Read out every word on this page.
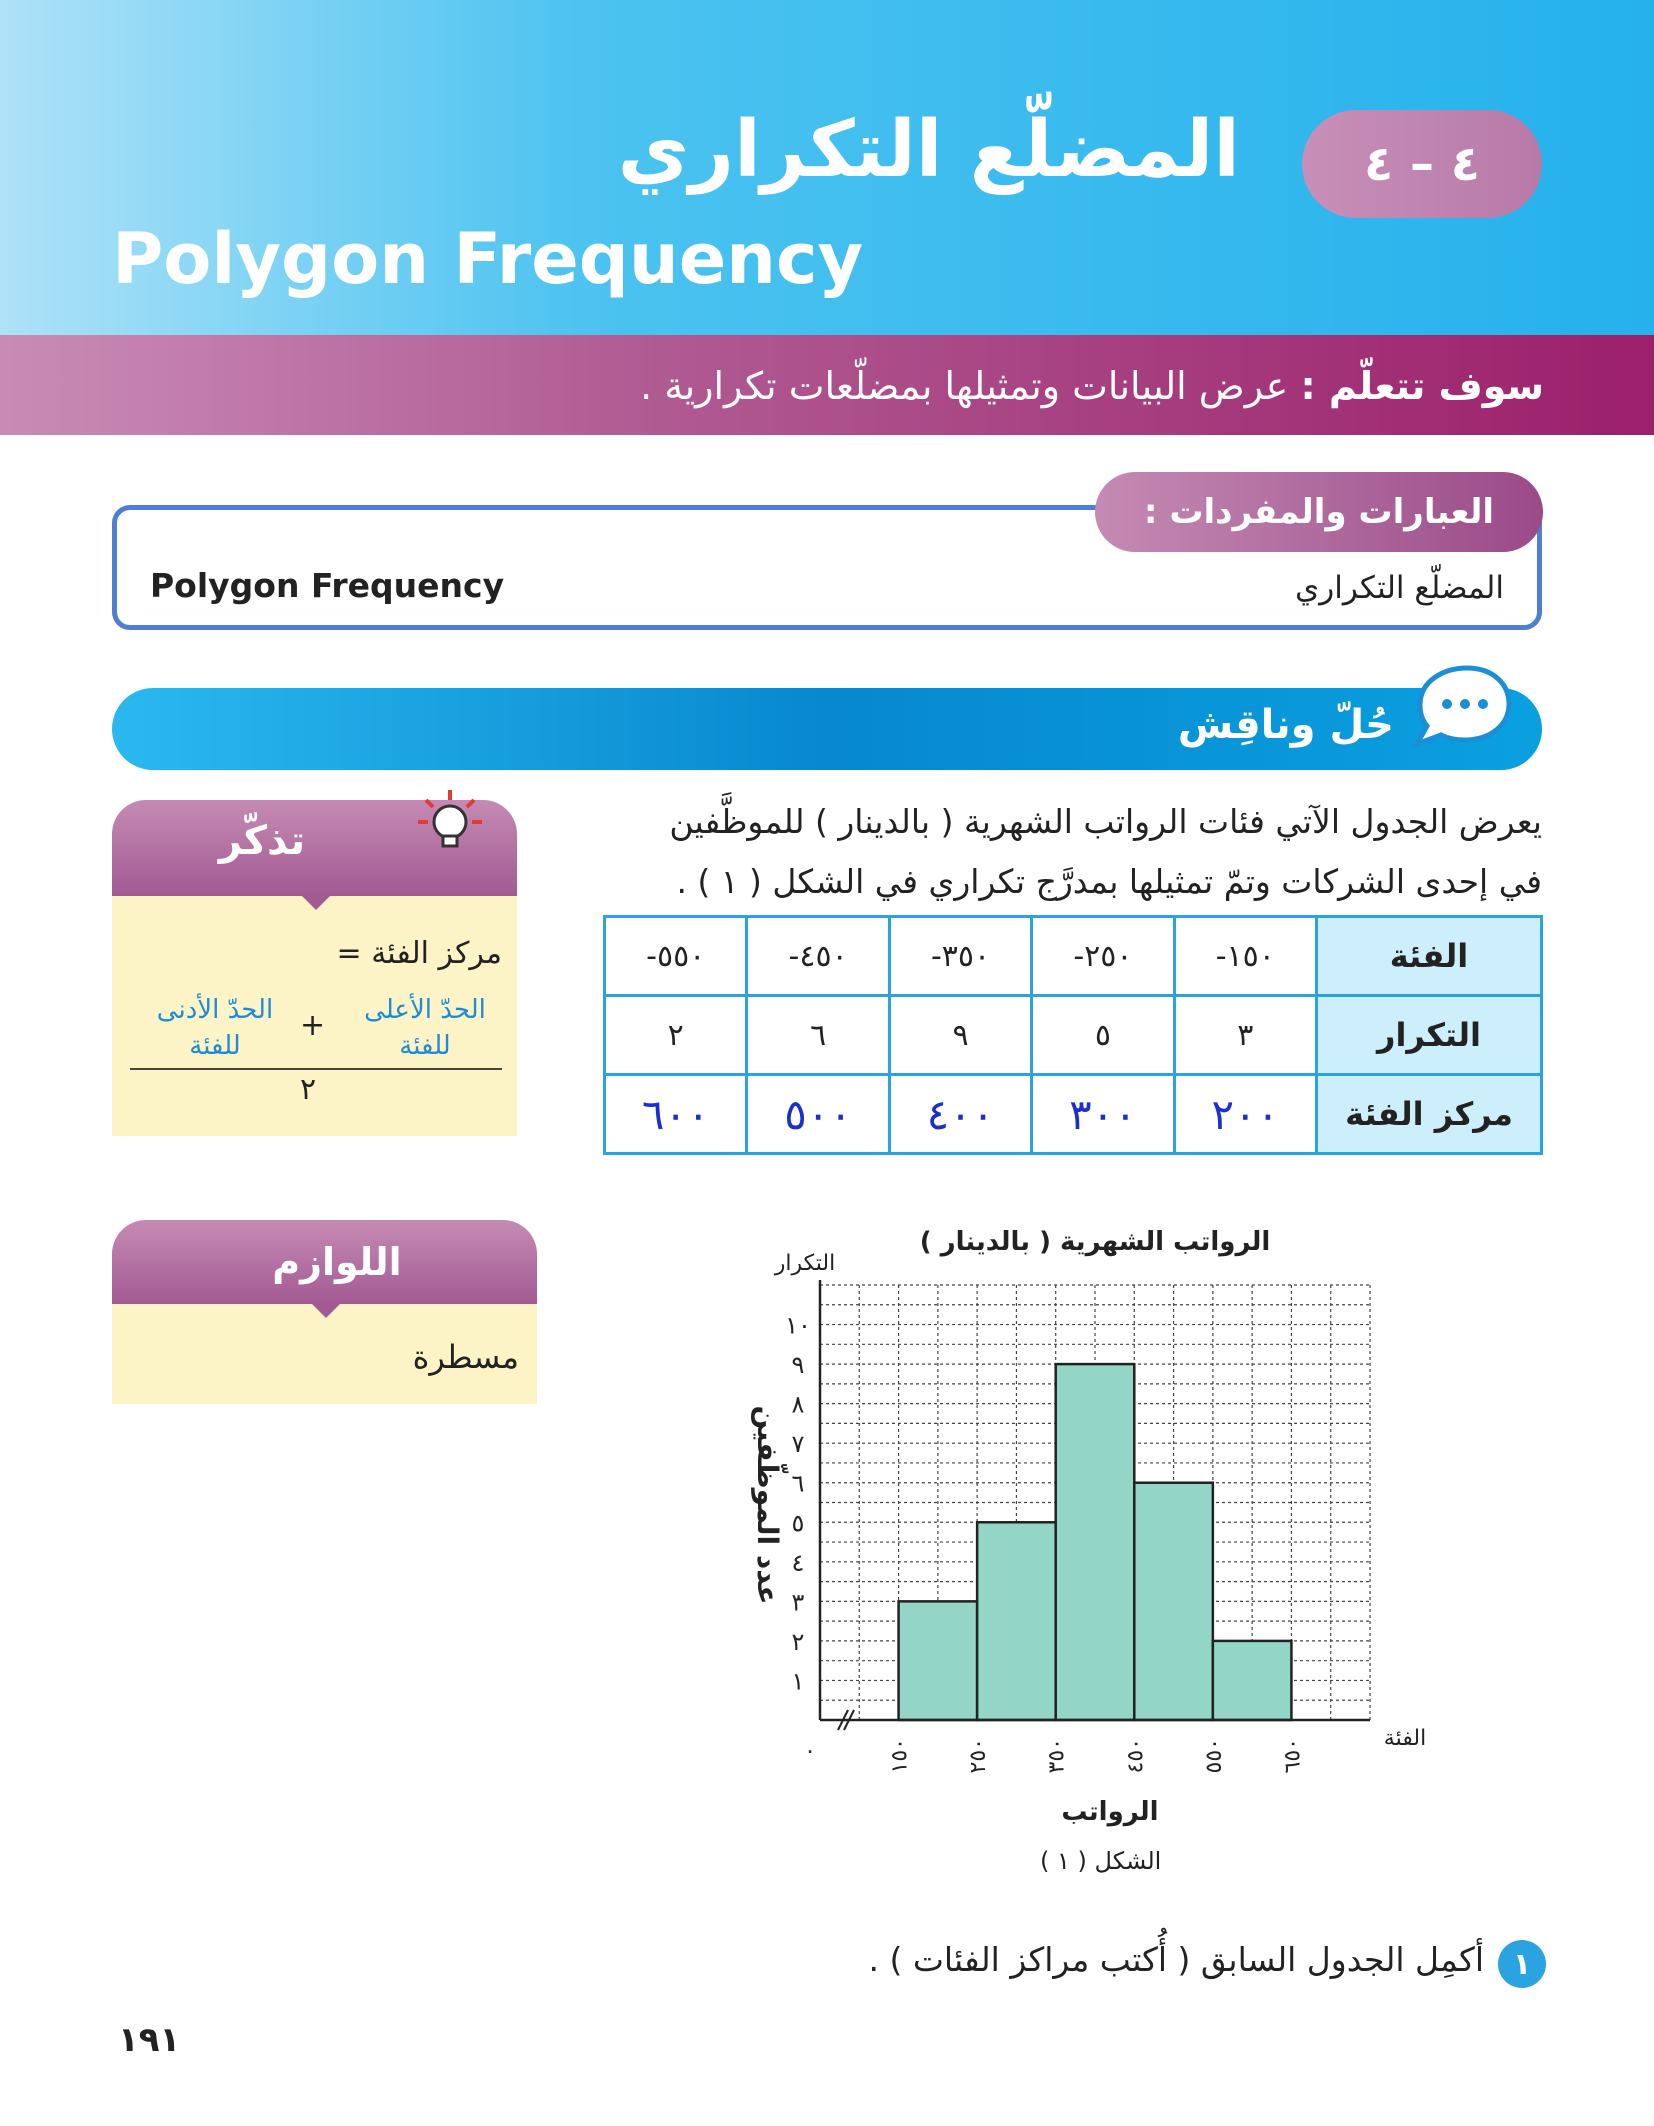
٤ – ٤
المضلّع التكراري
Polygon Frequency
سوف تتعلّم : عرض البيانات وتمثيلها بمضلّعات تكرارية .
العبارات والمفردات :
Polygon Frequency	المضلّع التكراري
حُلّ وناقِش
يعرض الجدول الآتي فئات الرواتب الشهرية ( بالدينار ) للموظَّفين
في إحدى الشركات وتمّ تمثيلها بمدرَّج تكراري في الشكل ( ١ ) .
الفئة	١٥٠-	٢٥٠-	٣٥٠-	٤٥٠-	٥٥٠-
التكرار	٣	٥	٩	٦	٢
مركز الفئة	٢٠٠	٣٠٠	٤٠٠	٥٠٠	٦٠٠
تذكّر
مركز الفئة =
الحدّ الأعلى للفئة
+
الحدّ الأدنى للفئة
٢
اللوازم
مسطرة
١
٢
٣
٤
٥
٦
٧
٨
٩
١٠
١٥٠ ٢٥٠ ٣٥٠ ٤٥٠ ٥٥٠ ٦٥٠
٠
الرواتب الشهرية ( بالدينار )
التكرار
عدد الموظّفين
الفئة
الرواتب
الشكل ( ١ )
١
أكمِل الجدول السابق ( أُكتب مراكز الفئات ) .
١٩١
